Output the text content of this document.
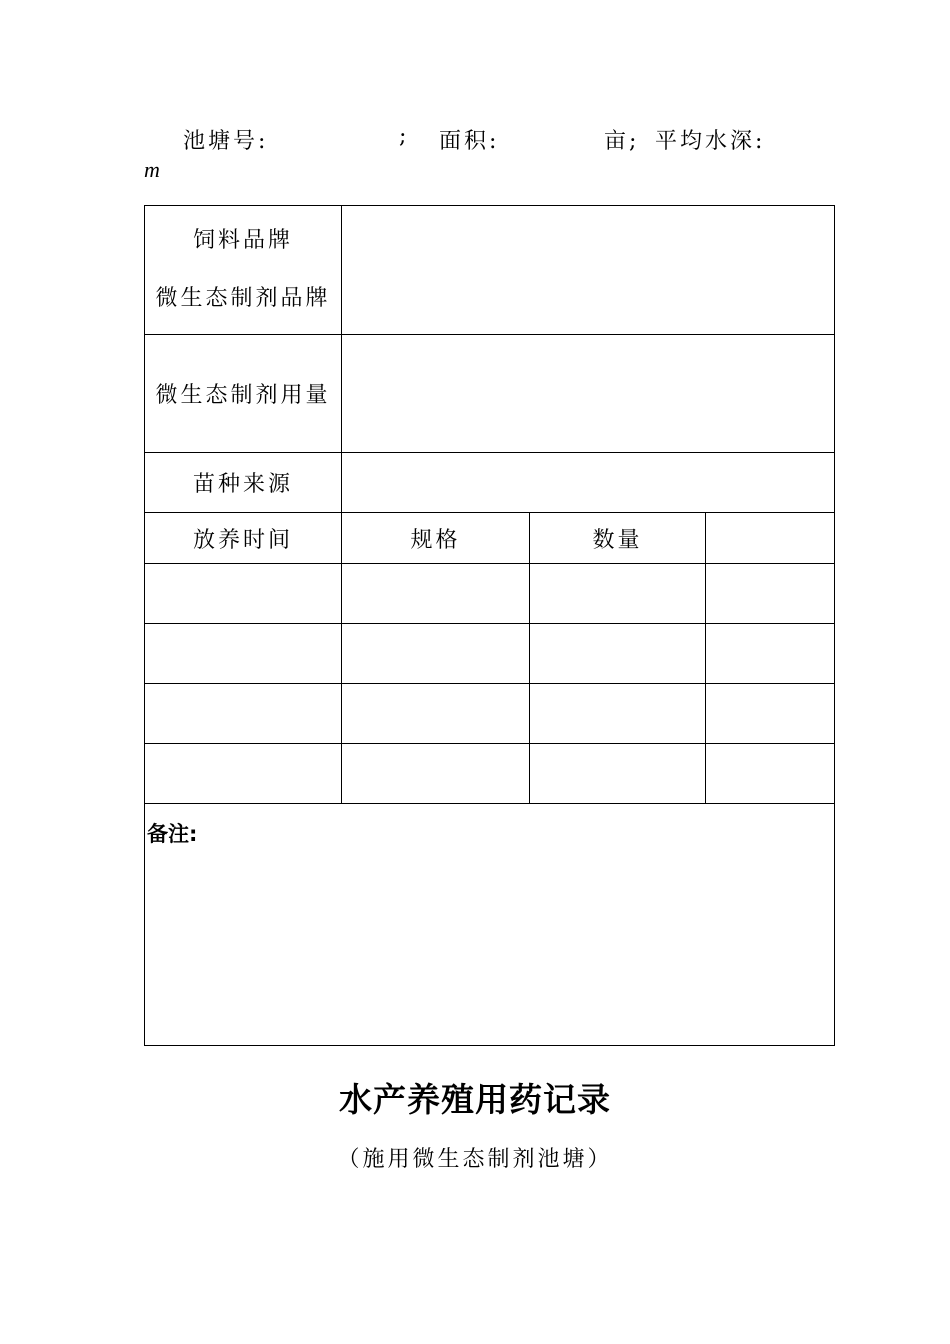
池塘号:	; 面积:	亩; 平均水深:
m
饲料品牌
微生态制剂品牌			

微生态制剂用量			
苗种来源			
放养时间	规格	数量	

备注:			
水产养殖用药记录
（施用微生态制剂池塘）
